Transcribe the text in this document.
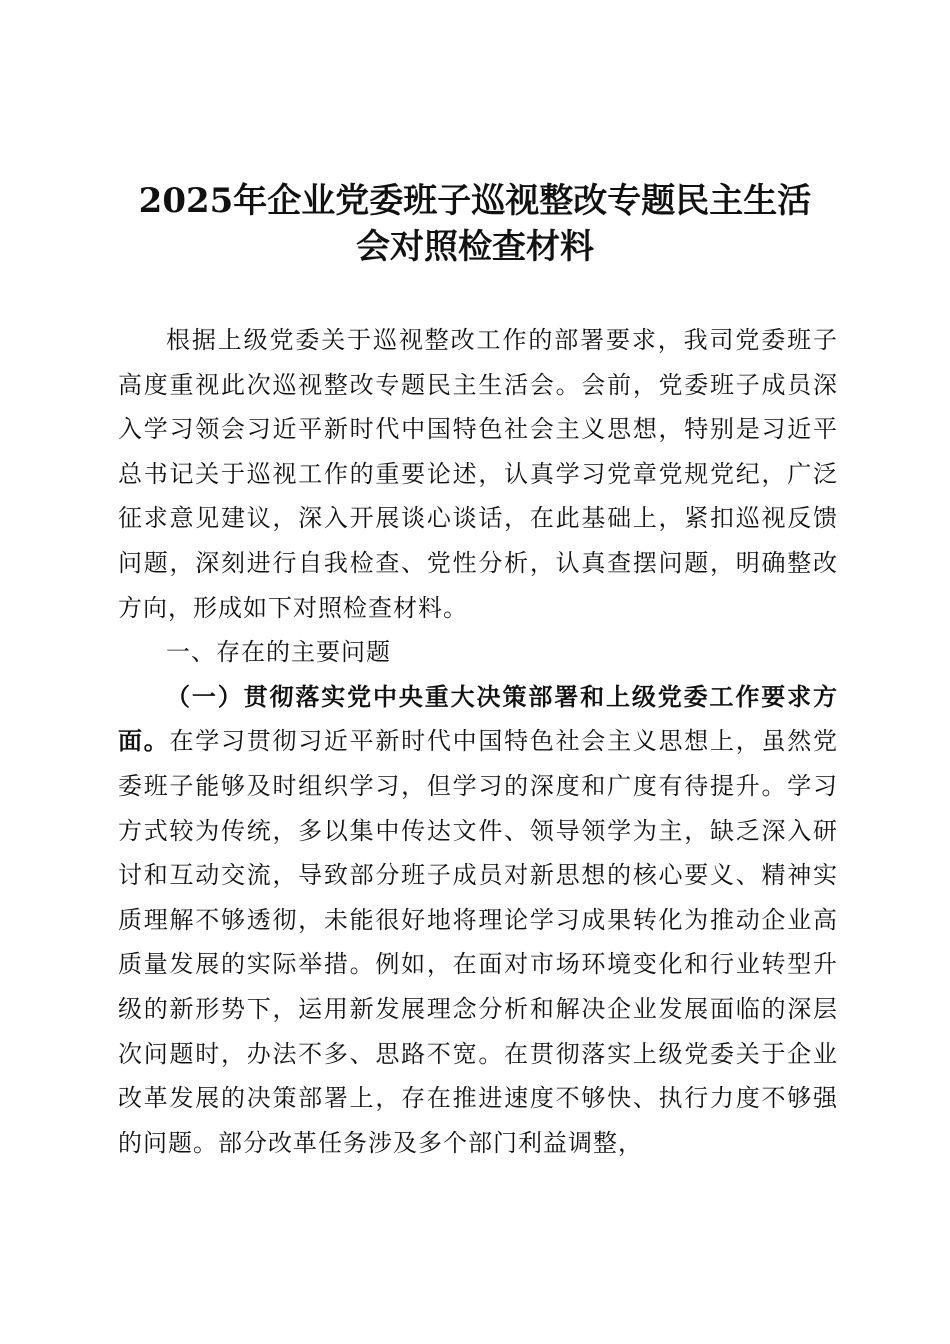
2025年企业党委班子巡视整改专题民主生活
会对照检查材料

根据上级党委关于巡视整改工作的部署要求，我司党委班子高度重视此次巡视整改专题民主生活会。会前，党委班子成员深入学习领会习近平新时代中国特色社会主义思想，特别是习近平总书记关于巡视工作的重要论述，认真学习党章党规党纪，广泛征求意见建议，深入开展谈心谈话，在此基础上，紧扣巡视反馈问题，深刻进行自我检查、党性分析，认真查摆问题，明确整改方向，形成如下对照检查材料。

一、存在的主要问题

（一）贯彻落实党中央重大决策部署和上级党委工作要求方面。在学习贯彻习近平新时代中国特色社会主义思想上，虽然党委班子能够及时组织学习，但学习的深度和广度有待提升。学习方式较为传统，多以集中传达文件、领导领学为主，缺乏深入研讨和互动交流，导致部分班子成员对新思想的核心要义、精神实质理解不够透彻，未能很好地将理论学习成果转化为推动企业高质量发展的实际举措。例如，在面对市场环境变化和行业转型升级的新形势下，运用新发展理念分析和解决企业发展面临的深层次问题时，办法不多、思路不宽。在贯彻落实上级党委关于企业改革发展的决策部署上，存在推进速度不够快、执行力度不够强的问题。部分改革任务涉及多个部门利益调整，
